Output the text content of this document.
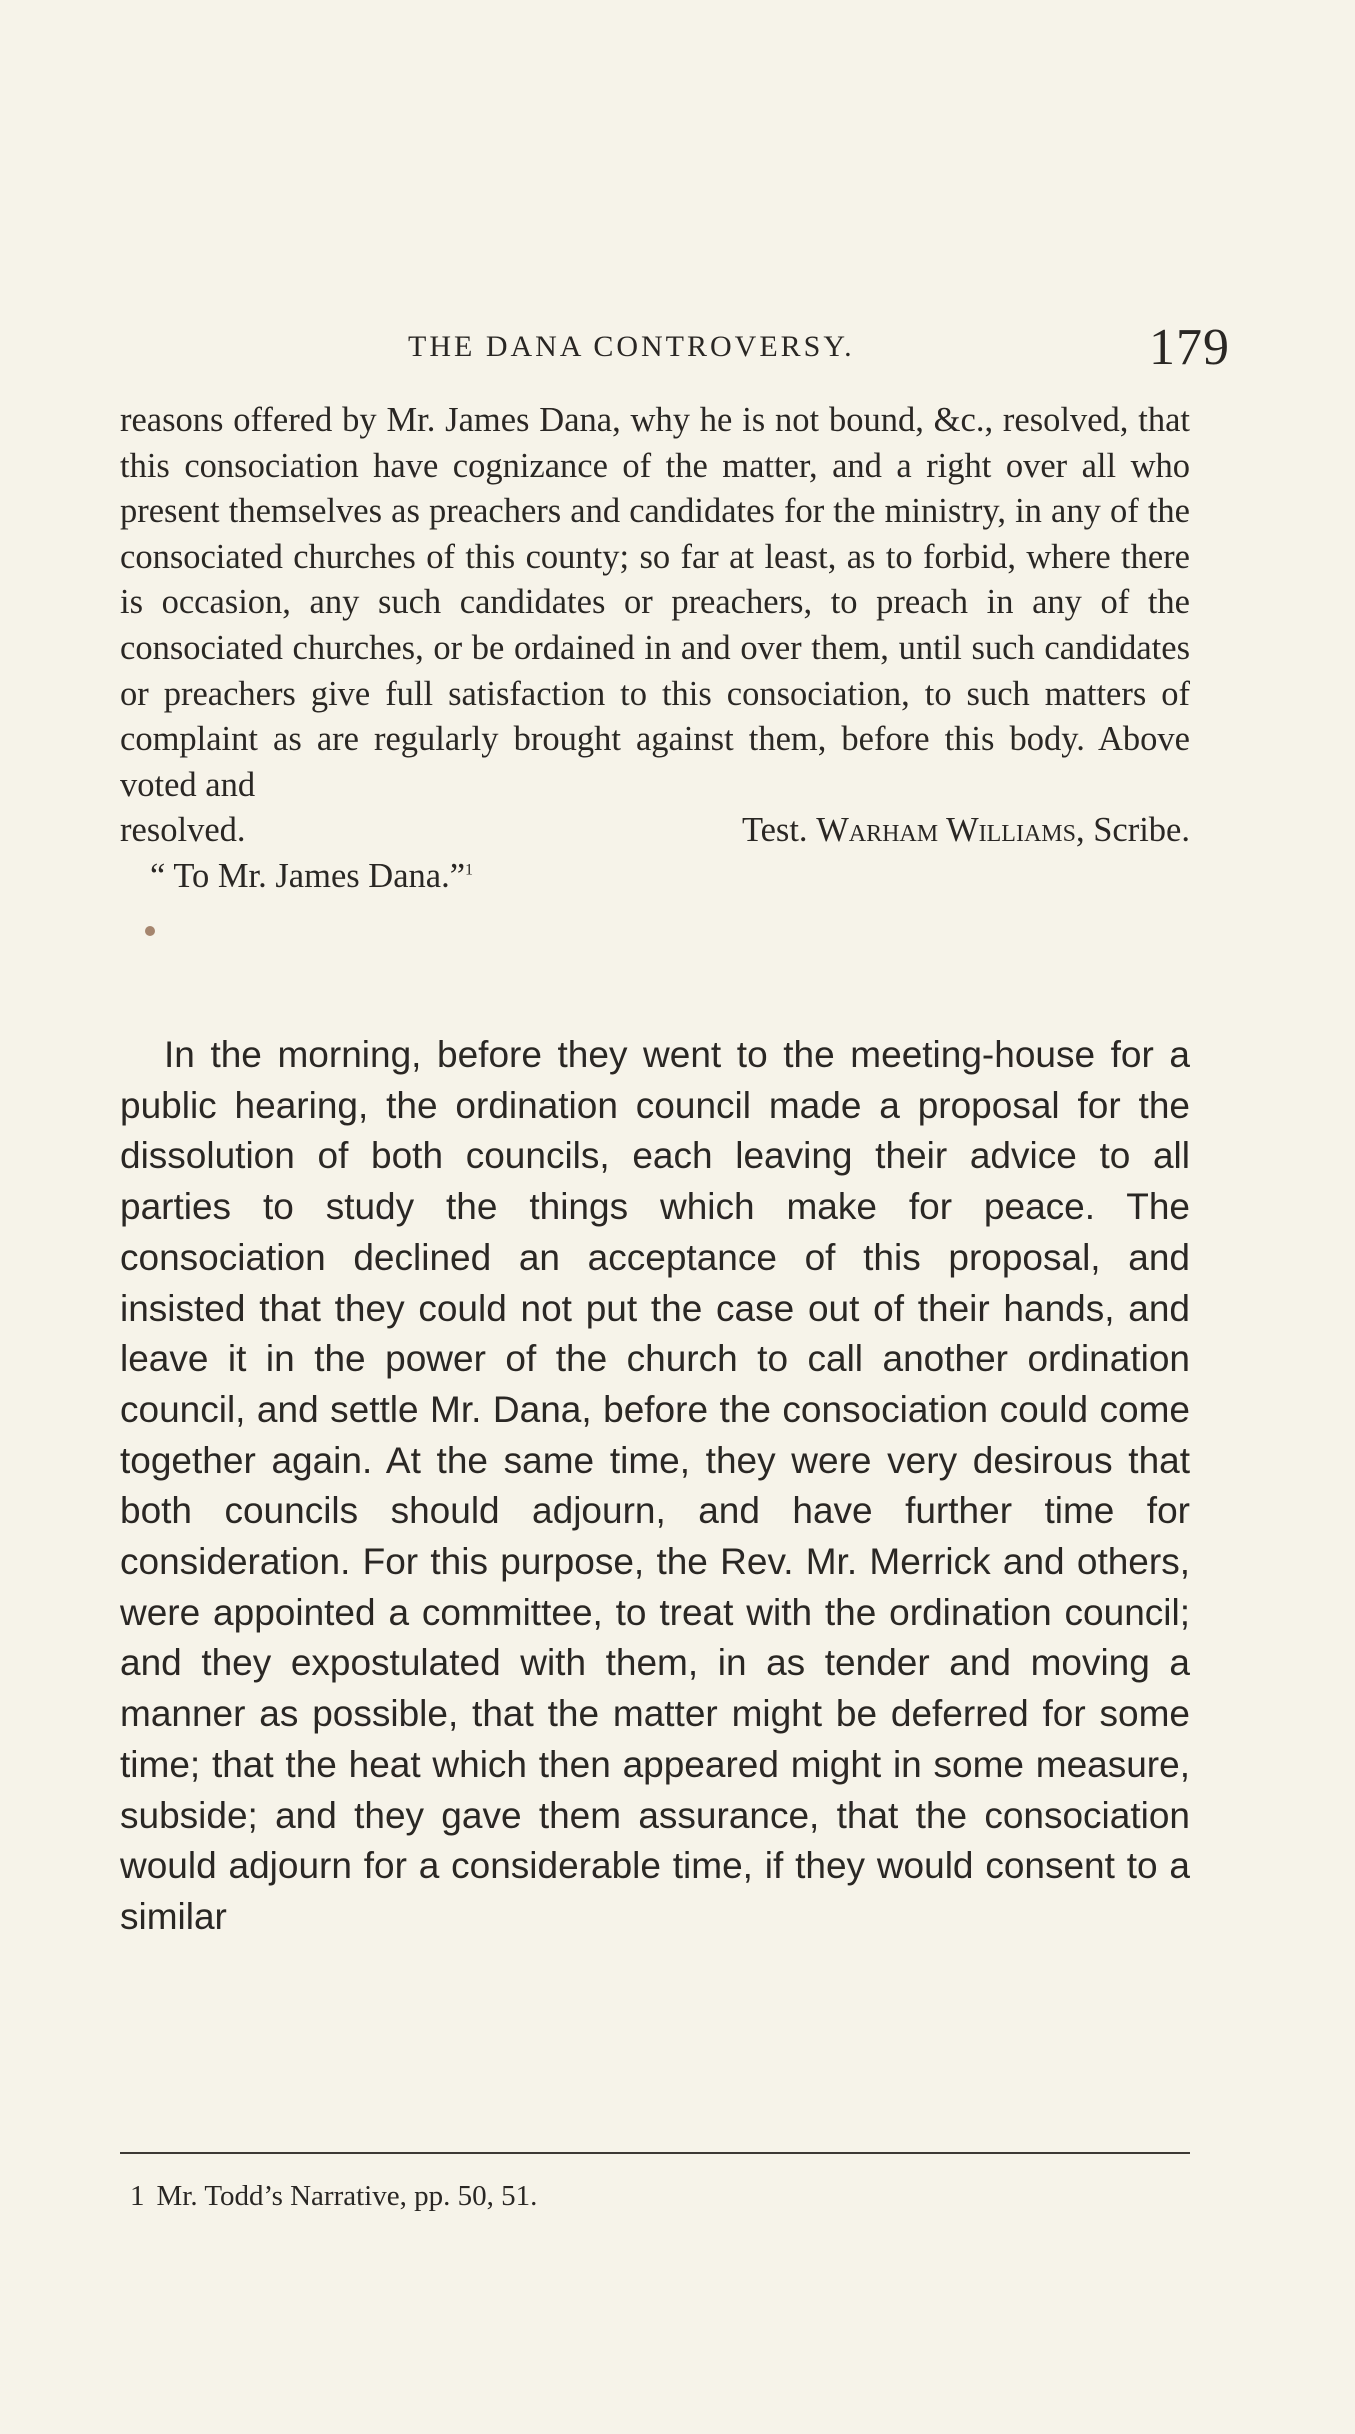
THE DANA CONTROVERSY.	179

reasons offered by Mr. James Dana, why he is not bound, &c., resolved, that this consociation have cognizance of the matter, and a right over all who present themselves as preachers and candidates for the ministry, in any of the consociated churches of this county; so far at least, as to forbid, where there is occasion, any such candidates or preachers, to preach in any of the consociated churches, or be ordained in and over them, until such candidates or preachers give full satisfaction to this consociation, to such matters of complaint as are regularly brought against them, before this body. Above voted and

resolved.	Test. Warham Williams, Scribe.

“ To Mr. James Dana.”$^1$

In the morning, before they went to the meeting-house for a public hearing, the ordination council made a proposal for the dissolution of both councils, each leaving their advice to all parties to study the things which make for peace. The consociation declined an acceptance of this proposal, and insisted that they could not put the case out of their hands, and leave it in the power of the church to call another ordination council, and settle Mr. Dana, before the consociation could come together again. At the same time, they were very desirous that both councils should adjourn, and have further time for consideration. For this purpose, the Rev. Mr. Merrick and others, were appointed a committee, to treat with the ordination council; and they expostulated with them, in as tender and moving a manner as possible, that the matter might be deferred for some time; that the heat which then appeared might in some measure, subside; and they gave them assurance, that the consociation would adjourn for a considerable time, if they would consent to a similar

1 Mr. Todd’s Narrative, pp. 50, 51.
